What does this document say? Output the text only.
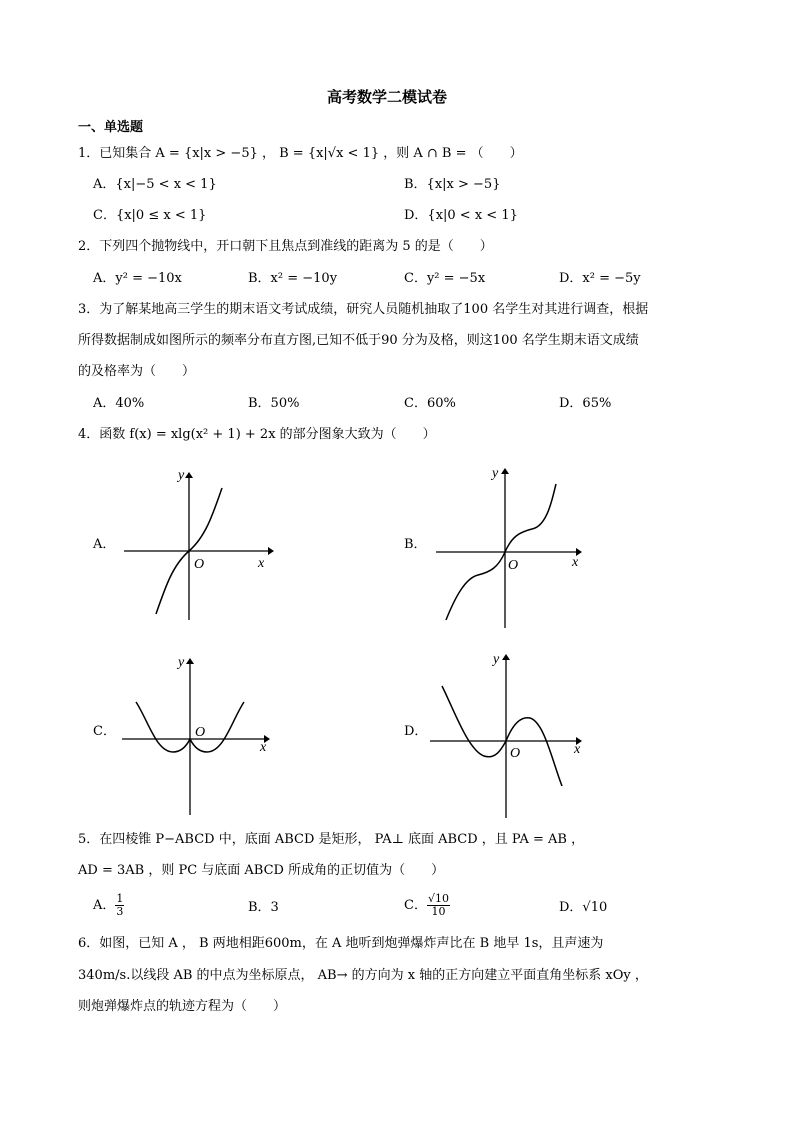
高考数学二模试卷
一、单选题
1．已知集合 A = {x|x > −5} ， B = {x|√x < 1} ，则 A ∩ B = （　　）
A．{x|−5 < x < 1}	B．{x|x > −5}
C．{x|0 ≤ x < 1}	D．{x|0 < x < 1}
2．下列四个抛物线中，开口朝下且焦点到准线的距离为 5 的是（　　）
A．y² = −10x	B．x² = −10y	C．y² = −5x	D．x² = −5y
3．为了解某地高三学生的期末语文考试成绩，研究人员随机抽取了100 名学生对其进行调查，根据
所得数据制成如图所示的频率分布直方图,已知不低于90 分为及格，则这100 名学生期末语文成绩
的及格率为（　　）
A．40%	B．50%	C．60%	D．65%
4．函数 f(x) = xlg(x² + 1) + 2x 的部分图象大致为（　　）
A．
x
y
O
B．
x
y
O
C．
x
y
O	D．
x
y
O
5．在四棱锥 P−ABCD 中，底面 ABCD 是矩形， PA⊥ 底面 ABCD ，且 PA = AB ，
AD = 3AB ，则 PC 与底面 ABCD 所成角的正切值为（　　）
A． $\frac{1}{3}$	B．3	C． $\frac{√10}{10}$	D．√10
6．如图，已知 A ， B 两地相距600m，在 A 地听到炮弹爆炸声比在 B 地早 1s，且声速为
340m/s.以线段 AB 的中点为坐标原点， AB→ 的方向为 x 轴的正方向建立平面直角坐标系 xOy ，
则炮弹爆炸点的轨迹方程为（　　）
